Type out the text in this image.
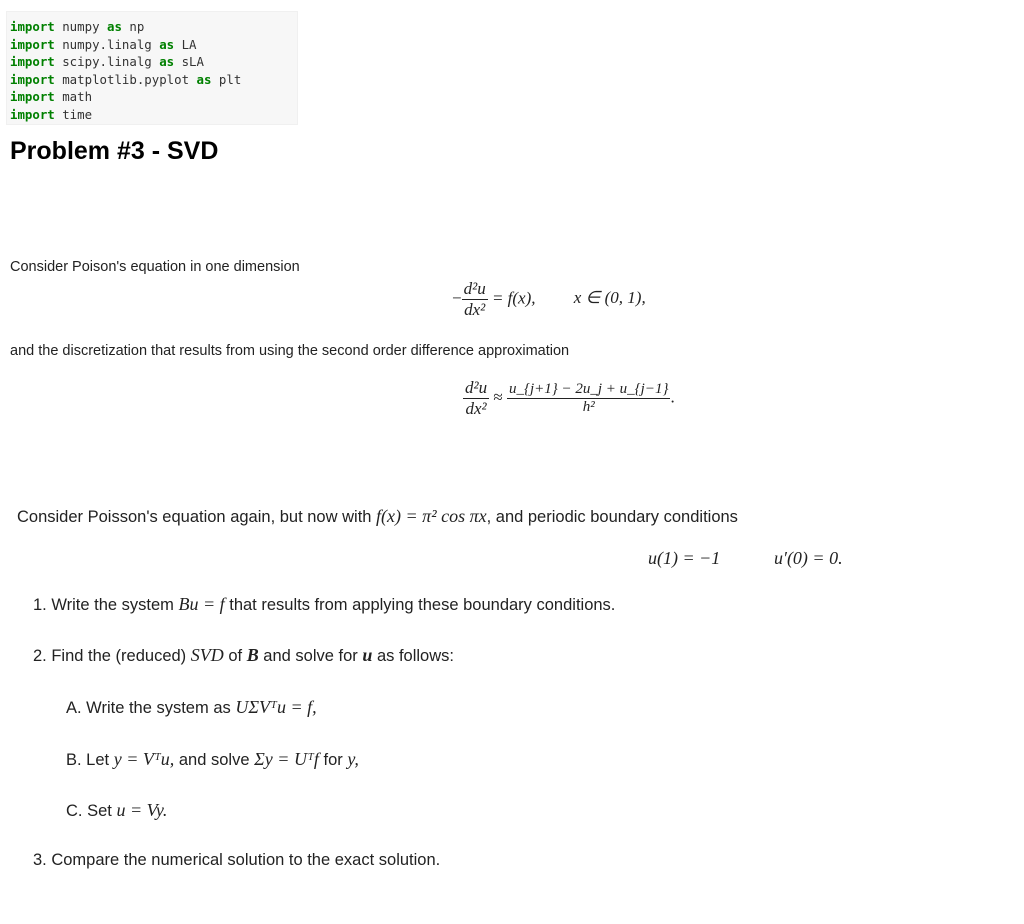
import numpy as np
import numpy.linalg as LA
import scipy.linalg as sLA
import matplotlib.pyplot as plt
import math
import time
Problem #3 - SVD
Consider Poison's equation in one dimension
− $\frac{\text{d²u}}{\text{dx²}} = f(x)$, x ∈ (0, 1),
and the discretization that results from using the second order difference approximation
$\frac{\text{d²u}}{\text{dx²}} \approx \frac{u\_\{j+1\} - 2u\_j + u\_\{j-1\}}{\text{h²}}$ .
Consider Poisson's equation again, but now with f(x) = π² cos πx, and periodic boundary conditions
u(1) = −1	u′(0) = 0.
1. Write the system Bu = f that results from applying these boundary conditions.
2. Find the (reduced) SVD of B and solve for u as follows:
A. Write the system as UΣVᵀu = f,
B. Let y = Vᵀu, and solve Σy = Uᵀf for y,
C. Set u = Vy.
3. Compare the numerical solution to the exact solution.
